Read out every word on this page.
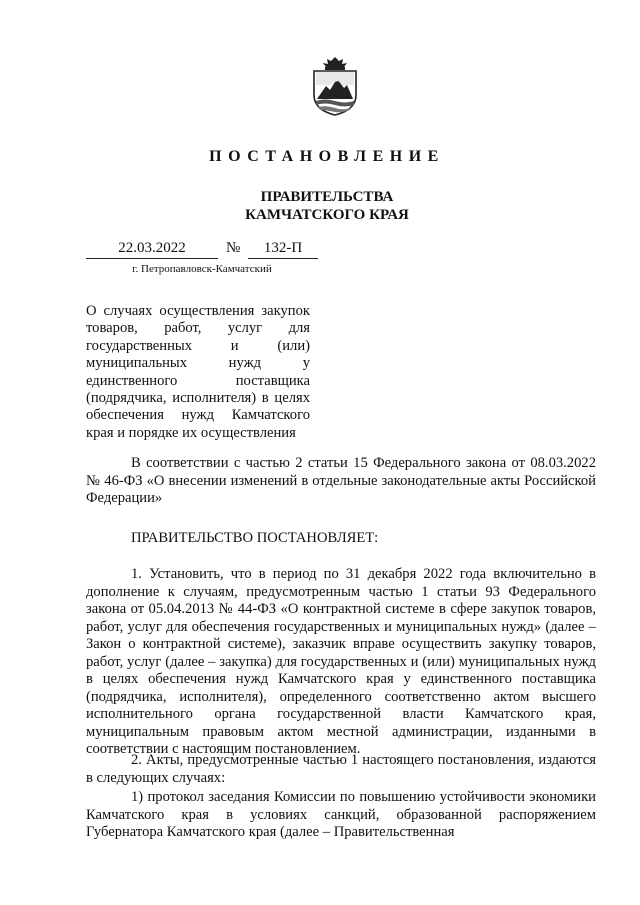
ПОСТАНОВЛЕНИЕ
ПРАВИТЕЛЬСТВА
КАМЧАТСКОГО КРАЯ
22.03.2022	№	132-П
г. Петропавловск-Камчатский
О случаях осуществления закупок товаров, работ, услуг для государственных и (или) муниципальных нужд у единственного поставщика (подрядчика, исполнителя) в целях обеспечения нужд Камчатского края и порядке их осуществления
В соответствии с частью 2 статьи 15 Федерального закона от 08.03.2022 № 46-ФЗ «О внесении изменений в отдельные законодательные акты Российской Федерации»
ПРАВИТЕЛЬСТВО ПОСТАНОВЛЯЕТ:
1. Установить, что в период по 31 декабря 2022 года включительно в дополнение к случаям, предусмотренным частью 1 статьи 93 Федерального закона от 05.04.2013 № 44-ФЗ «О контрактной системе в сфере закупок товаров, работ, услуг для обеспечения государственных и муниципальных нужд» (далее – Закон о контрактной системе), заказчик вправе осуществить закупку товаров, работ, услуг (далее – закупка) для государственных и (или) муниципальных нужд в целях обеспечения нужд Камчатского края у единственного поставщика (подрядчика, исполнителя), определенного соответственно актом высшего исполнительного органа государственной власти Камчатского края, муниципальным правовым актом местной администрации, изданными в соответствии с настоящим постановлением.
2. Акты, предусмотренные частью 1 настоящего постановления, издаются в следующих случаях:
1) протокол заседания Комиссии по повышению устойчивости экономики Камчатского края в условиях санкций, образованной распоряжением Губернатора Камчатского края (далее – Правительственная
